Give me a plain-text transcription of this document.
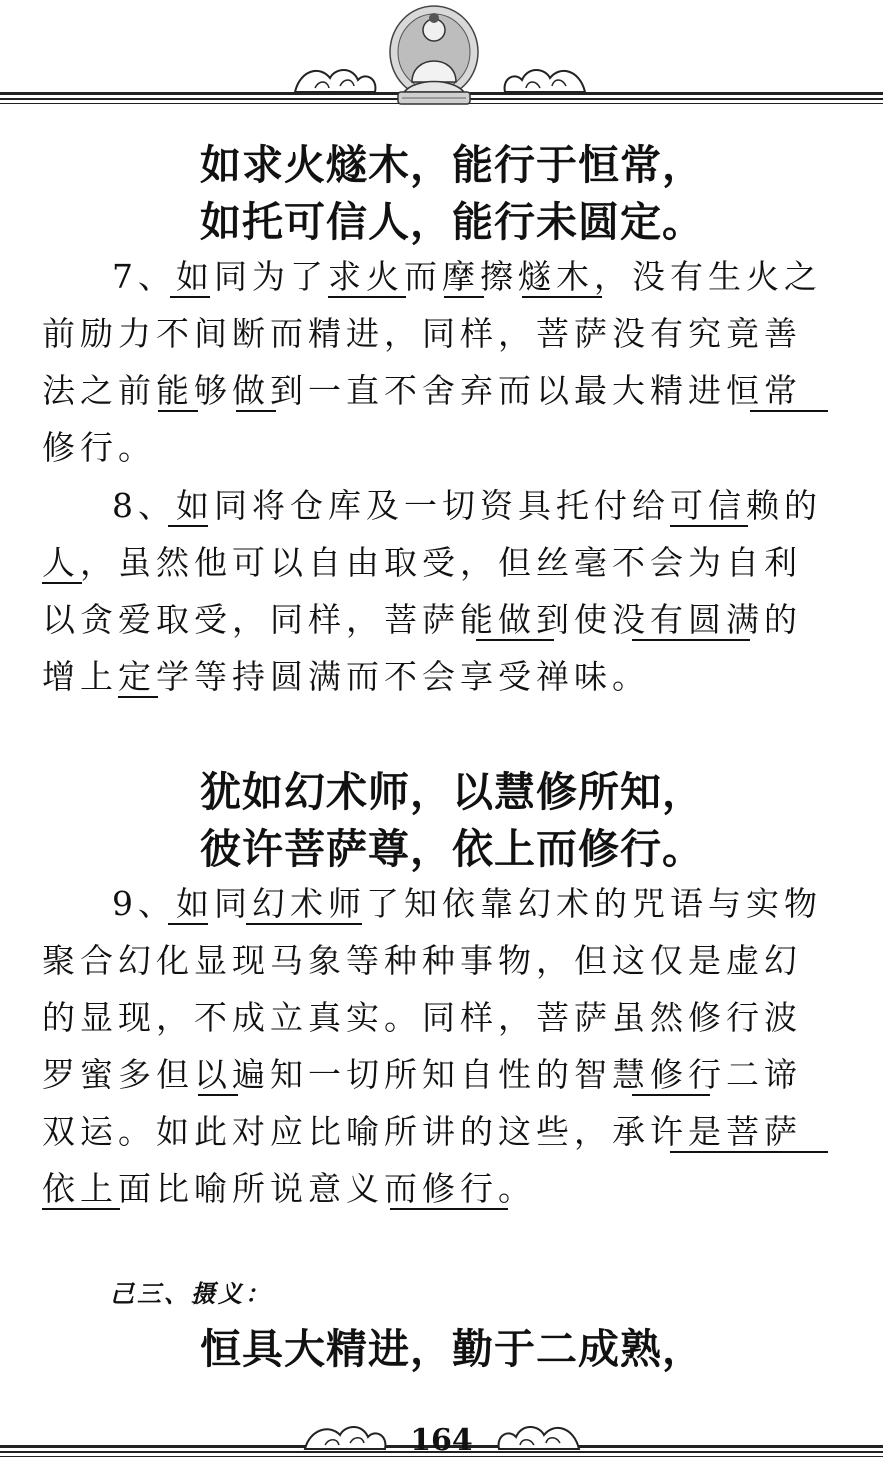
如求火燧木，能行于恒常，
如托可信人，能行未圆定。
7、如同为了求火而摩擦燧木，没有生火之
前励力不间断而精进，同样，菩萨没有究竟善
法之前能够做到一直不舍弃而以最大精进恒常
修行。
8、如同将仓库及一切资具托付给可信赖的
人，虽然他可以自由取受，但丝毫不会为自利
以贪爱取受，同样，菩萨能做到使没有圆满的
增上定学等持圆满而不会享受禅味。
犹如幻术师，以慧修所知，
彼许菩萨尊，依上而修行。
9、如同幻术师了知依靠幻术的咒语与实物
聚合幻化显现马象等种种事物，但这仅是虚幻
的显现，不成立真实。同样，菩萨虽然修行波
罗蜜多但以遍知一切所知自性的智慧修行二谛
双运。如此对应比喻所讲的这些，承许是菩萨
依上面比喻所说意义而修行。
己三、摄义：
恒具大精进，勤于二成熟，
164
